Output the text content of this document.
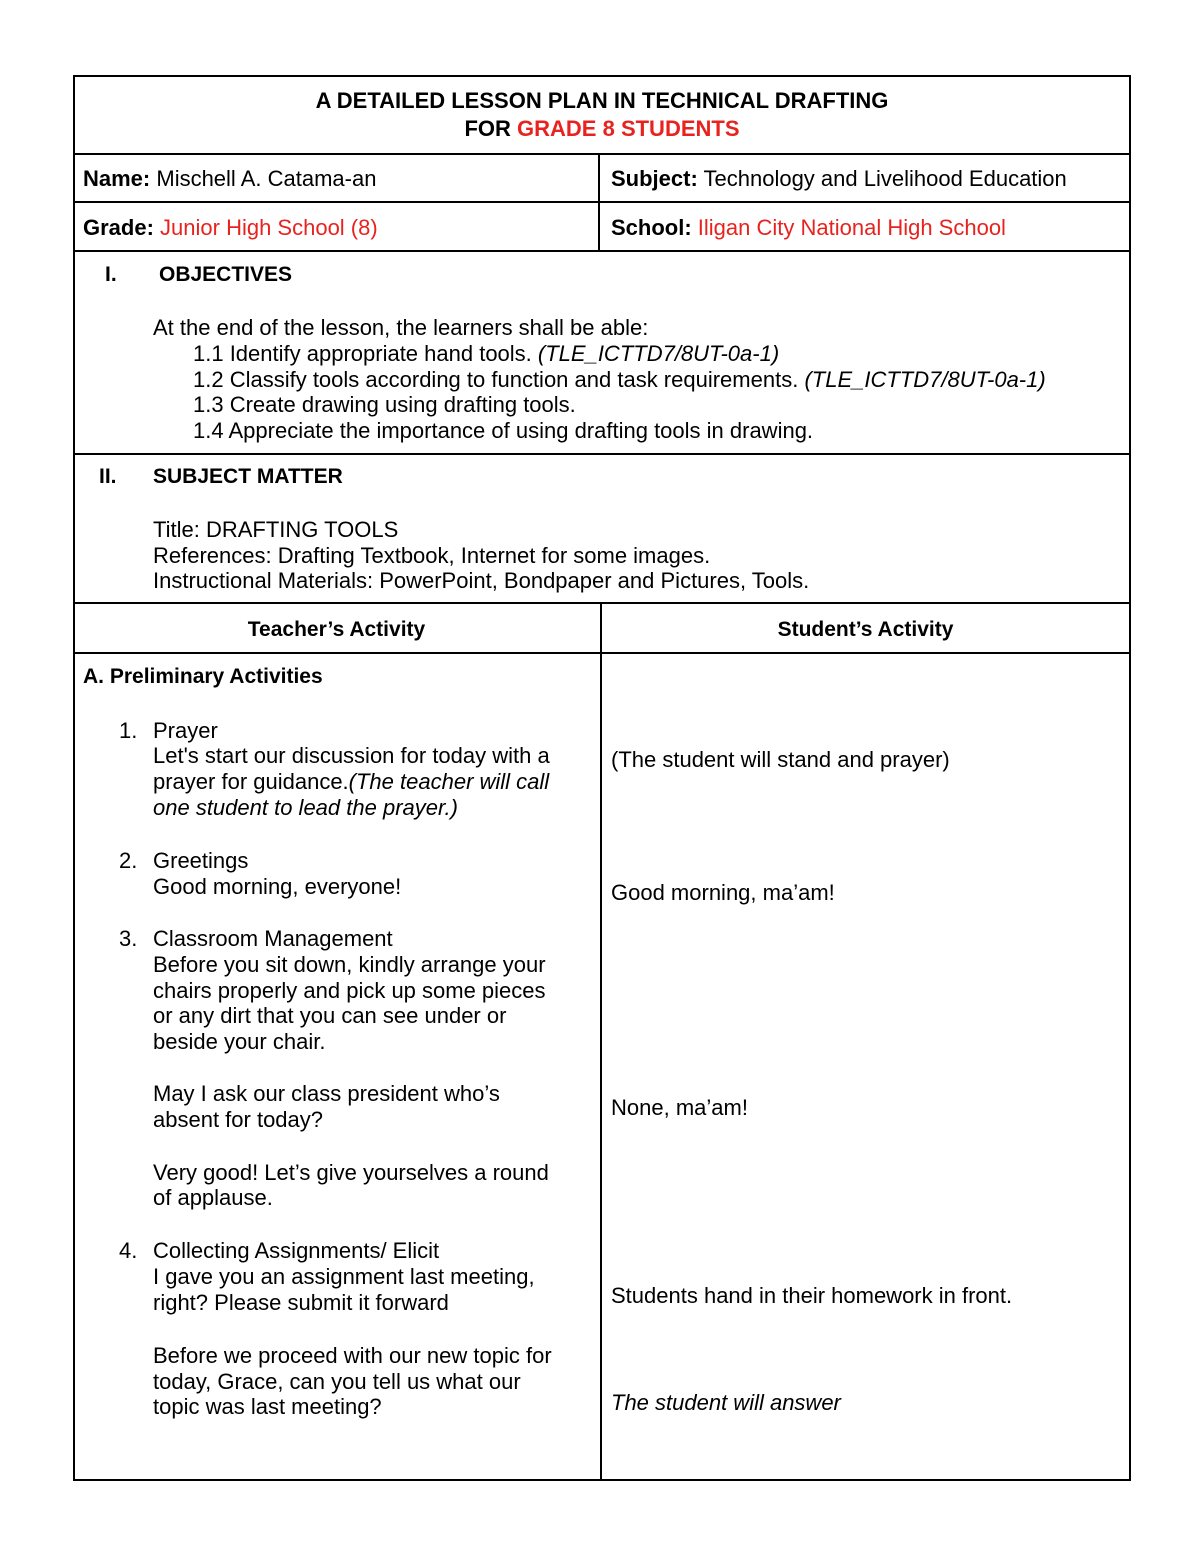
A DETAILED LESSON PLAN IN TECHNICAL DRAFTING
FOR GRADE 8 STUDENTS
Name: Mischell A. Catama-an	Subject: Technology and Livelihood Education
Grade: Junior High School (8)	School: Iligan City National High School
I. OBJECTIVES
At the end of the lesson, the learners shall be able:
1.1 Identify appropriate hand tools. (TLE_ICTTD7/8UT-0a-1)
1.2 Classify tools according to function and task requirements. (TLE_ICTTD7/8UT-0a-1)
1.3 Create drawing using drafting tools.
1.4 Appreciate the importance of using drafting tools in drawing.
II. SUBJECT MATTER
Title: DRAFTING TOOLS
References: Drafting Textbook, Internet for some images.
Instructional Materials: PowerPoint, Bondpaper and Pictures, Tools.
Teacher’s Activity	Student’s Activity
A. Preliminary Activities
1. Prayer
Let's start our discussion for today with a
prayer for guidance.(The teacher will call
one student to lead the prayer.)
(The student will stand and prayer)
2. Greetings
Good morning, everyone!	Good morning, ma’am!
3. Classroom Management
Before you sit down, kindly arrange your
chairs properly and pick up some pieces
or any dirt that you can see under or
beside your chair.
May I ask our class president who’s
absent for today?	None, ma’am!
Very good! Let’s give yourselves a round
of applause.
4. Collecting Assignments/ Elicit
I gave you an assignment last meeting,
right? Please submit it forward	Students hand in their homework in front.
Before we proceed with our new topic for
today, Grace, can you tell us what our
topic was last meeting?	The student will answer
